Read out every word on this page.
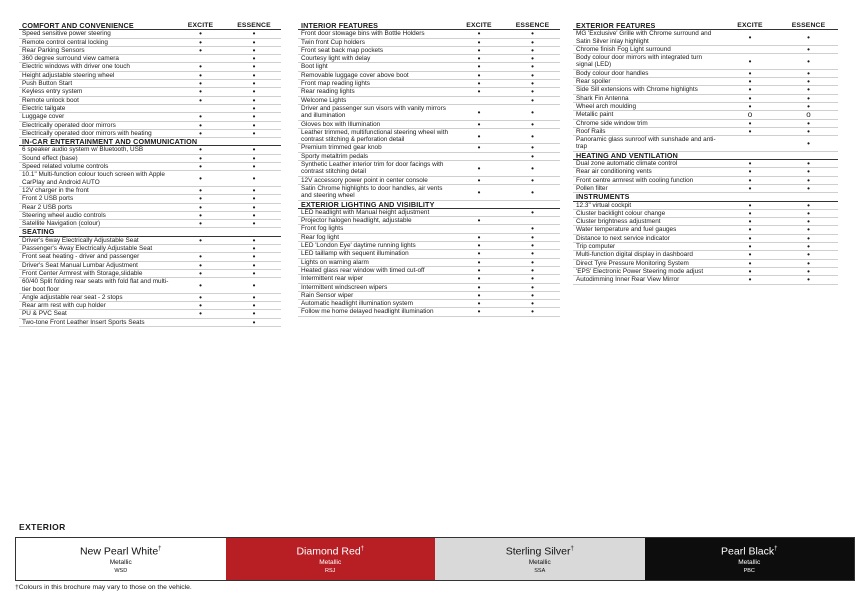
COMFORT AND CONVENIENCE	EXCITE	ESSENCE
Speed sensitive power steering	•	•
Remote control central locking	•	•
Rear Parking Sensors	•	•
360 degree surround view camera		•
Electric windows with driver one touch	•	•
Height adjustable steering wheel	•	•
Push Button Start	•	•
Keyless entry system	•	•
Remote unlock boot	•	•
Electric tailgate		•
Luggage cover	•	•
Electrically operated door mirrors	•	•
Electrically operated door mirrors with heating	•	•
IN-CAR ENTERTAINMENT AND COMMUNICATION		
6 speaker audio system w/ Bluetooth, USB	•	•
Sound effect (base)	•	•
Speed related volume controls	•	•
10.1" Multi-function colour touch screen with Apple CarPlay and Android AUTO	•	•
12V charger in the front	•	•
Front 2 USB ports	•	•
Rear 2 USB ports	•	•
Steering wheel audio controls	•	•
Satellite Navigation (colour)	•	•
SEATING		
Driver's 6way Electrically Adjustable Seat	•	•
Passenger's 4way Electrically Adjustable Seat		•
Front seat heating - driver and passenger	•	•
Driver's Seat Manual Lumbar Adjustment	•	•
Front Center Armrest with Storage,slidable	•	•
60/40 Split folding rear seats with fold flat and multi-tier boot floor	•	•
Angle adjustable rear seat - 2 stops	•	•
Rear arm rest with cup holder	•	•
PU & PVC Seat	•	•
Two-tone Front Leather Insert Sports Seats		•
INTERIOR FEATURES	EXCITE	ESSENCE
Front door stowage bins with Bottle Holders	•	•
Twin front Cup holders	•	•
Front seat back map pockets	•	•
Courtesy light with delay	•	•
Boot light	•	•
Removable luggage cover above boot	•	•
Front map reading lights	•	•
Rear reading lights	•	•
Welcome Lights		•
Driver and passenger sun visors with vanity mirrors and illumination	•	•
Gloves box with Illumination	•	•
Leather trimmed, multifunctional steering wheel with contrast stitching & perforation detail	•	•
Premium trimmed gear knob	•	•
Sporty metaltrim pedals		•
Synthetic Leather interior trim for door facings with contrast stitching detail	•	•
12V accessory power point in center console	•	•
Satin Chrome highlights to door handles, air vents and steering wheel	•	•
EXTERIOR LIGHTING AND VISIBILITY		
LED headlight with Manual height adjustment		•
Projector halogen headlight, adjustable	•	
Front fog lights		•
Rear fog light	•	•
LED 'London Eye' daytime running lights	•	•
LED taillamp with sequent illumination	•	•
Lights on warning alarm	•	•
Heated glass rear window with timed cut-off	•	•
Intermittent rear wiper	•	•
Intermittent windscreen wipers	•	•
Rain Sensor wiper	•	•
Automatic headlight illumination system	•	•
Follow me home delayed headlight illumination	•	•
EXTERIOR FEATURES	EXCITE	ESSENCE
MG 'Exclusive' Grille with Chrome surround and Satin Silver inlay highlight	•	•
Chrome finish Fog Light surround		•
Body colour door mirrors with integrated turn signal (LED)	•	•
Body colour door handles	•	•
Rear spoiler	•	•
Side Sill extensions with Chrome highlights	•	•
Shark Fin Antenna	•	•
Wheel arch moulding	•	•
Metallic paint	o	o
Chrome side window trim	•	•
Roof Rails	•	•
Panoramic glass sunroof with sunshade and anti-trap		•
HEATING AND VENTILATION		
Dual zone automatic climate control	•	•
Rear air conditioning vents	•	•
Front centre armrest with cooling function	•	•
Pollen filter	•	•
INSTRUMENTS		
12.3" virtual cockpit	•	•
Cluster backlight colour change	•	•
Cluster brightness adjustment	•	•
Water temperature and fuel gauges	•	•
Distance to next service indicator	•	•
Trip computer	•	•
Multi-function digital display in dashboard	•	•
Direct Tyre Pressure Monitoring System	•	•
'EPS' Electronic Power Steering mode adjust	•	•
Autodimming Inner Rear View Mirror	•	•
EXTERIOR
New Pearl White†
Metallic
WSD
Diamond Red†
Metallic
RSJ
Sterling Silver†
Metallic
SSA
Pearl Black†
Metallic
PBC
†Colours in this brochure may vary to those on the vehicle.
